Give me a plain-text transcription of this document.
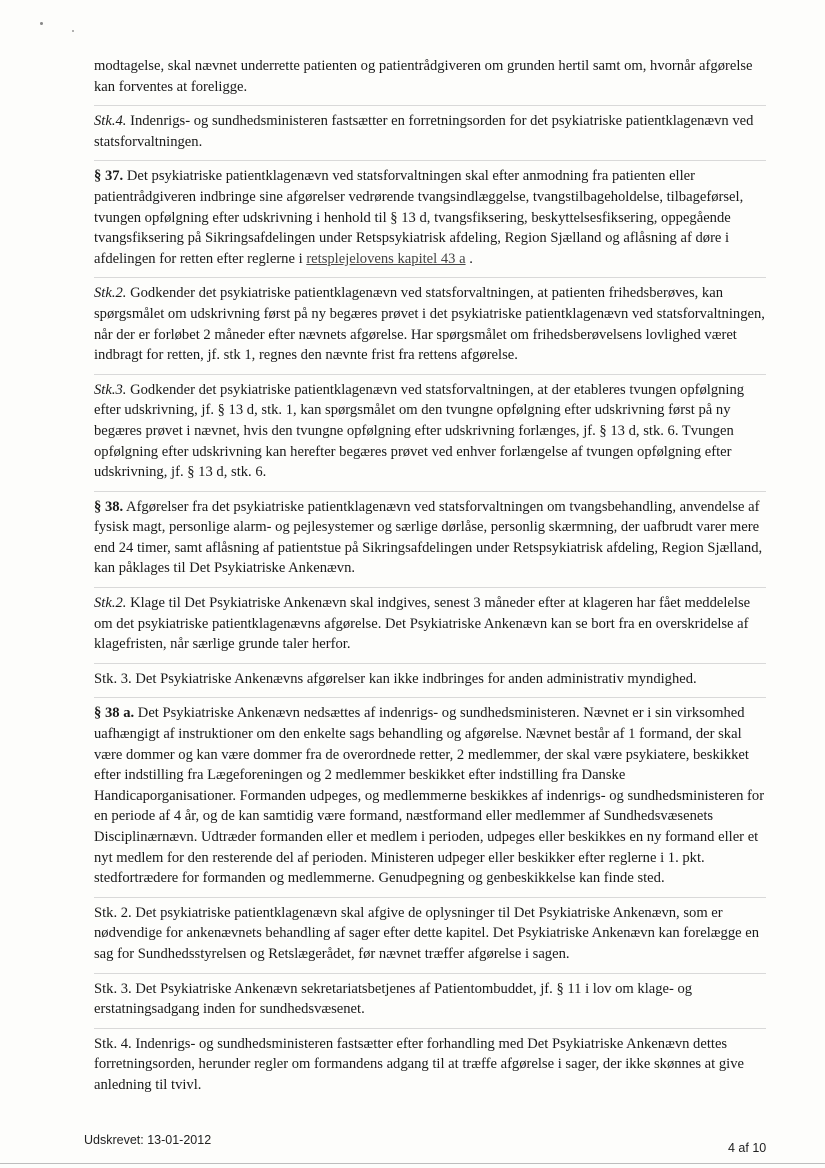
modtagelse, skal nævnet underrette patienten og patientrådgiveren om grunden hertil samt om, hvornår afgørelse kan forventes at foreligge.
Stk.4. Indenrigs- og sundhedsministeren fastsætter en forretningsorden for det psykiatriske patientklagenævn ved statsforvaltningen.
§ 37. Det psykiatriske patientklagenævn ved statsforvaltningen skal efter anmodning fra patienten eller patientrådgiveren indbringe sine afgørelser vedrørende tvangsindlæggelse, tvangstilbageholdelse, tilbageførsel, tvungen opfølgning efter udskrivning i henhold til § 13 d, tvangsfiksering, beskyttelsesfiksering, oppegående tvangsfiksering på Sikringsafdelingen under Retspsykiatrisk afdeling, Region Sjælland og aflåsning af døre i afdelingen for retten efter reglerne i retsplejelovens kapitel 43 a .
Stk.2. Godkender det psykiatriske patientklagenævn ved statsforvaltningen, at patienten frihedsberøves, kan spørgsmålet om udskrivning først på ny begæres prøvet i det psykiatriske patientklagenævn ved statsforvaltningen, når der er forløbet 2 måneder efter nævnets afgørelse. Har spørgsmålet om frihedsberøvelsens lovlighed været indbragt for retten, jf. stk 1, regnes den nævnte frist fra rettens afgørelse.
Stk.3. Godkender det psykiatriske patientklagenævn ved statsforvaltningen, at der etableres tvungen opfølgning efter udskrivning, jf. § 13 d, stk. 1, kan spørgsmålet om den tvungne opfølgning efter udskrivning først på ny begæres prøvet i nævnet, hvis den tvungne opfølgning efter udskrivning forlænges, jf. § 13 d, stk. 6. Tvungen opfølgning efter udskrivning kan herefter begæres prøvet ved enhver forlængelse af tvungen opfølgning efter udskrivning, jf. § 13 d, stk. 6.
§ 38. Afgørelser fra det psykiatriske patientklagenævn ved statsforvaltningen om tvangsbehandling, anvendelse af fysisk magt, personlige alarm- og pejlesystemer og særlige dørlåse, personlig skærmning, der uafbrudt varer mere end 24 timer, samt aflåsning af patientstue på Sikringsafdelingen under Retspsykiatrisk afdeling, Region Sjælland, kan påklages til Det Psykiatriske Ankenævn.
Stk.2. Klage til Det Psykiatriske Ankenævn skal indgives, senest 3 måneder efter at klageren har fået meddelelse om det psykiatriske patientklagenævns afgørelse. Det Psykiatriske Ankenævn kan se bort fra en overskridelse af klagefristen, når særlige grunde taler herfor.
Stk. 3. Det Psykiatriske Ankenævns afgørelser kan ikke indbringes for anden administrativ myndighed.
§ 38 a. Det Psykiatriske Ankenævn nedsættes af indenrigs- og sundhedsministeren. Nævnet er i sin virksomhed uafhængigt af instruktioner om den enkelte sags behandling og afgørelse. Nævnet består af 1 formand, der skal være dommer og kan være dommer fra de overordnede retter, 2 medlemmer, der skal være psykiatere, beskikket efter indstilling fra Lægeforeningen og 2 medlemmer beskikket efter indstilling fra Danske Handicaporganisationer. Formanden udpeges, og medlemmerne beskikkes af indenrigs- og sundhedsministeren for en periode af 4 år, og de kan samtidig være formand, næstformand eller medlemmer af Sundhedsvæsenets Disciplinærnævn. Udtræder formanden eller et medlem i perioden, udpeges eller beskikkes en ny formand eller et nyt medlem for den resterende del af perioden. Ministeren udpeger eller beskikker efter reglerne i 1. pkt. stedfortrædere for formanden og medlemmerne. Genudpegning og genbeskikkelse kan finde sted.
Stk. 2. Det psykiatriske patientklagenævn skal afgive de oplysninger til Det Psykiatriske Ankenævn, som er nødvendige for ankenævnets behandling af sager efter dette kapitel. Det Psykiatriske Ankenævn kan forelægge en sag for Sundhedsstyrelsen og Retslægerådet, før nævnet træffer afgørelse i sagen.
Stk. 3. Det Psykiatriske Ankenævn sekretariatsbetjenes af Patientombuddet, jf. § 11 i lov om klage- og erstatningsadgang inden for sundhedsvæsenet.
Stk. 4. Indenrigs- og sundhedsministeren fastsætter efter forhandling med Det Psykiatriske Ankenævn dettes forretningsorden, herunder regler om formandens adgang til at træffe afgørelse i sager, der ikke skønnes at give anledning til tvivl.
Udskrevet: 13-01-2012
4 af 10
